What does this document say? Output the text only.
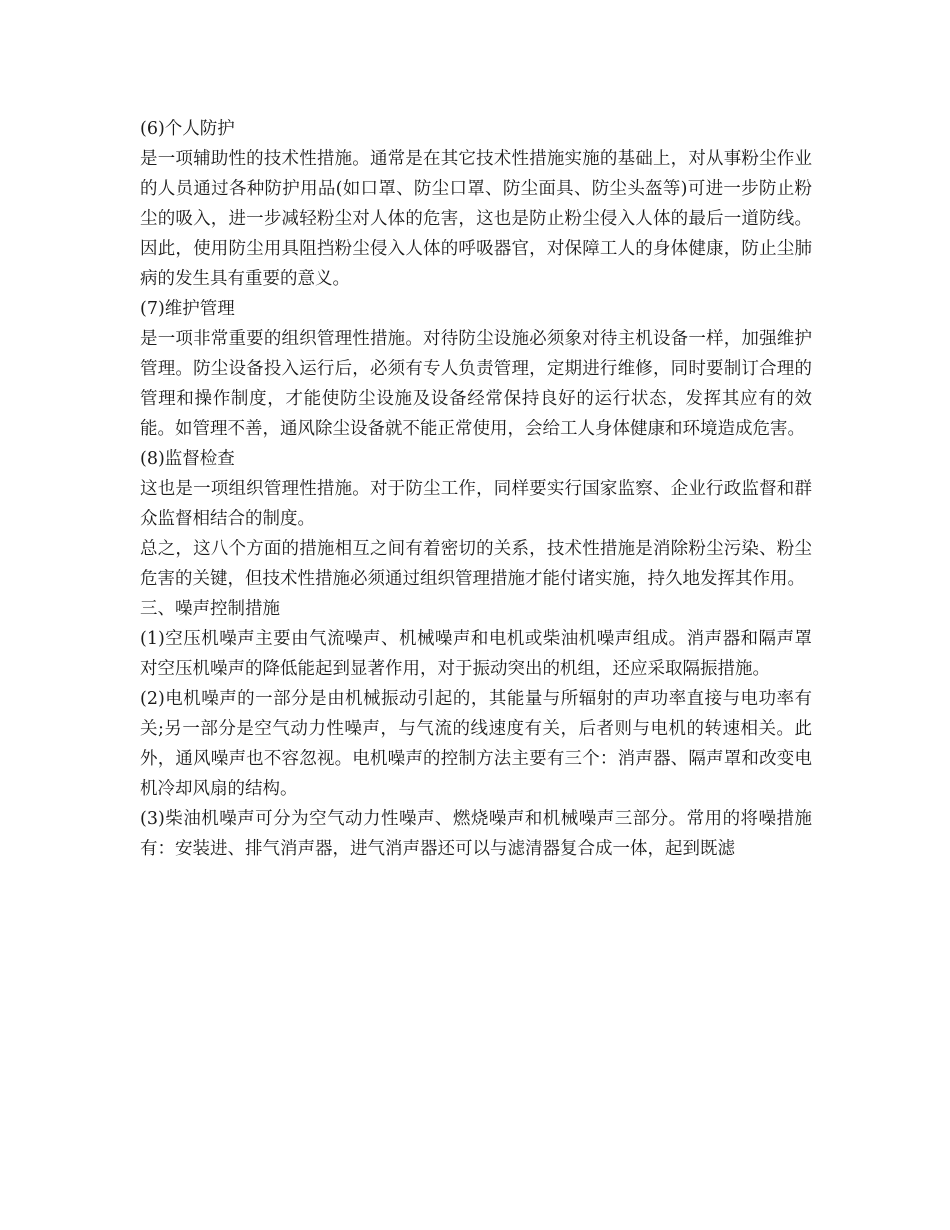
(6)个人防护

是一项辅助性的技术性措施。通常是在其它技术性措施实施的基础上，对从事粉尘作业的人员通过各种防护用品(如口罩、防尘口罩、防尘面具、防尘头盔等)可进一步防止粉尘的吸入，进一步减轻粉尘对人体的危害，这也是防止粉尘侵入人体的最后一道防线。因此，使用防尘用具阻挡粉尘侵入人体的呼吸器官，对保障工人的身体健康，防止尘肺病的发生具有重要的意义。

(7)维护管理

是一项非常重要的组织管理性措施。对待防尘设施必须象对待主机设备一样，加强维护管理。防尘设备投入运行后，必须有专人负责管理，定期进行维修，同时要制订合理的管理和操作制度，才能使防尘设施及设备经常保持良好的运行状态，发挥其应有的效能。如管理不善，通风除尘设备就不能正常使用，会给工人身体健康和环境造成危害。

(8)监督检查

这也是一项组织管理性措施。对于防尘工作，同样要实行国家监察、企业行政监督和群众监督相结合的制度。

总之，这八个方面的措施相互之间有着密切的关系，技术性措施是消除粉尘污染、粉尘危害的关键，但技术性措施必须通过组织管理措施才能付诸实施，持久地发挥其作用。

三、噪声控制措施

(1)空压机噪声主要由气流噪声、机械噪声和电机或柴油机噪声组成。消声器和隔声罩对空压机噪声的降低能起到显著作用，对于振动突出的机组，还应采取隔振措施。

(2)电机噪声的一部分是由机械振动引起的，其能量与所辐射的声功率直接与电功率有关;另一部分是空气动力性噪声，与气流的线速度有关，后者则与电机的转速相关。此外，通风噪声也不容忽视。电机噪声的控制方法主要有三个：消声器、隔声罩和改变电机冷却风扇的结构。

(3)柴油机噪声可分为空气动力性噪声、燃烧噪声和机械噪声三部分。常用的将噪措施有：安装进、排气消声器，进气消声器还可以与滤清器复合成一体，起到既滤
